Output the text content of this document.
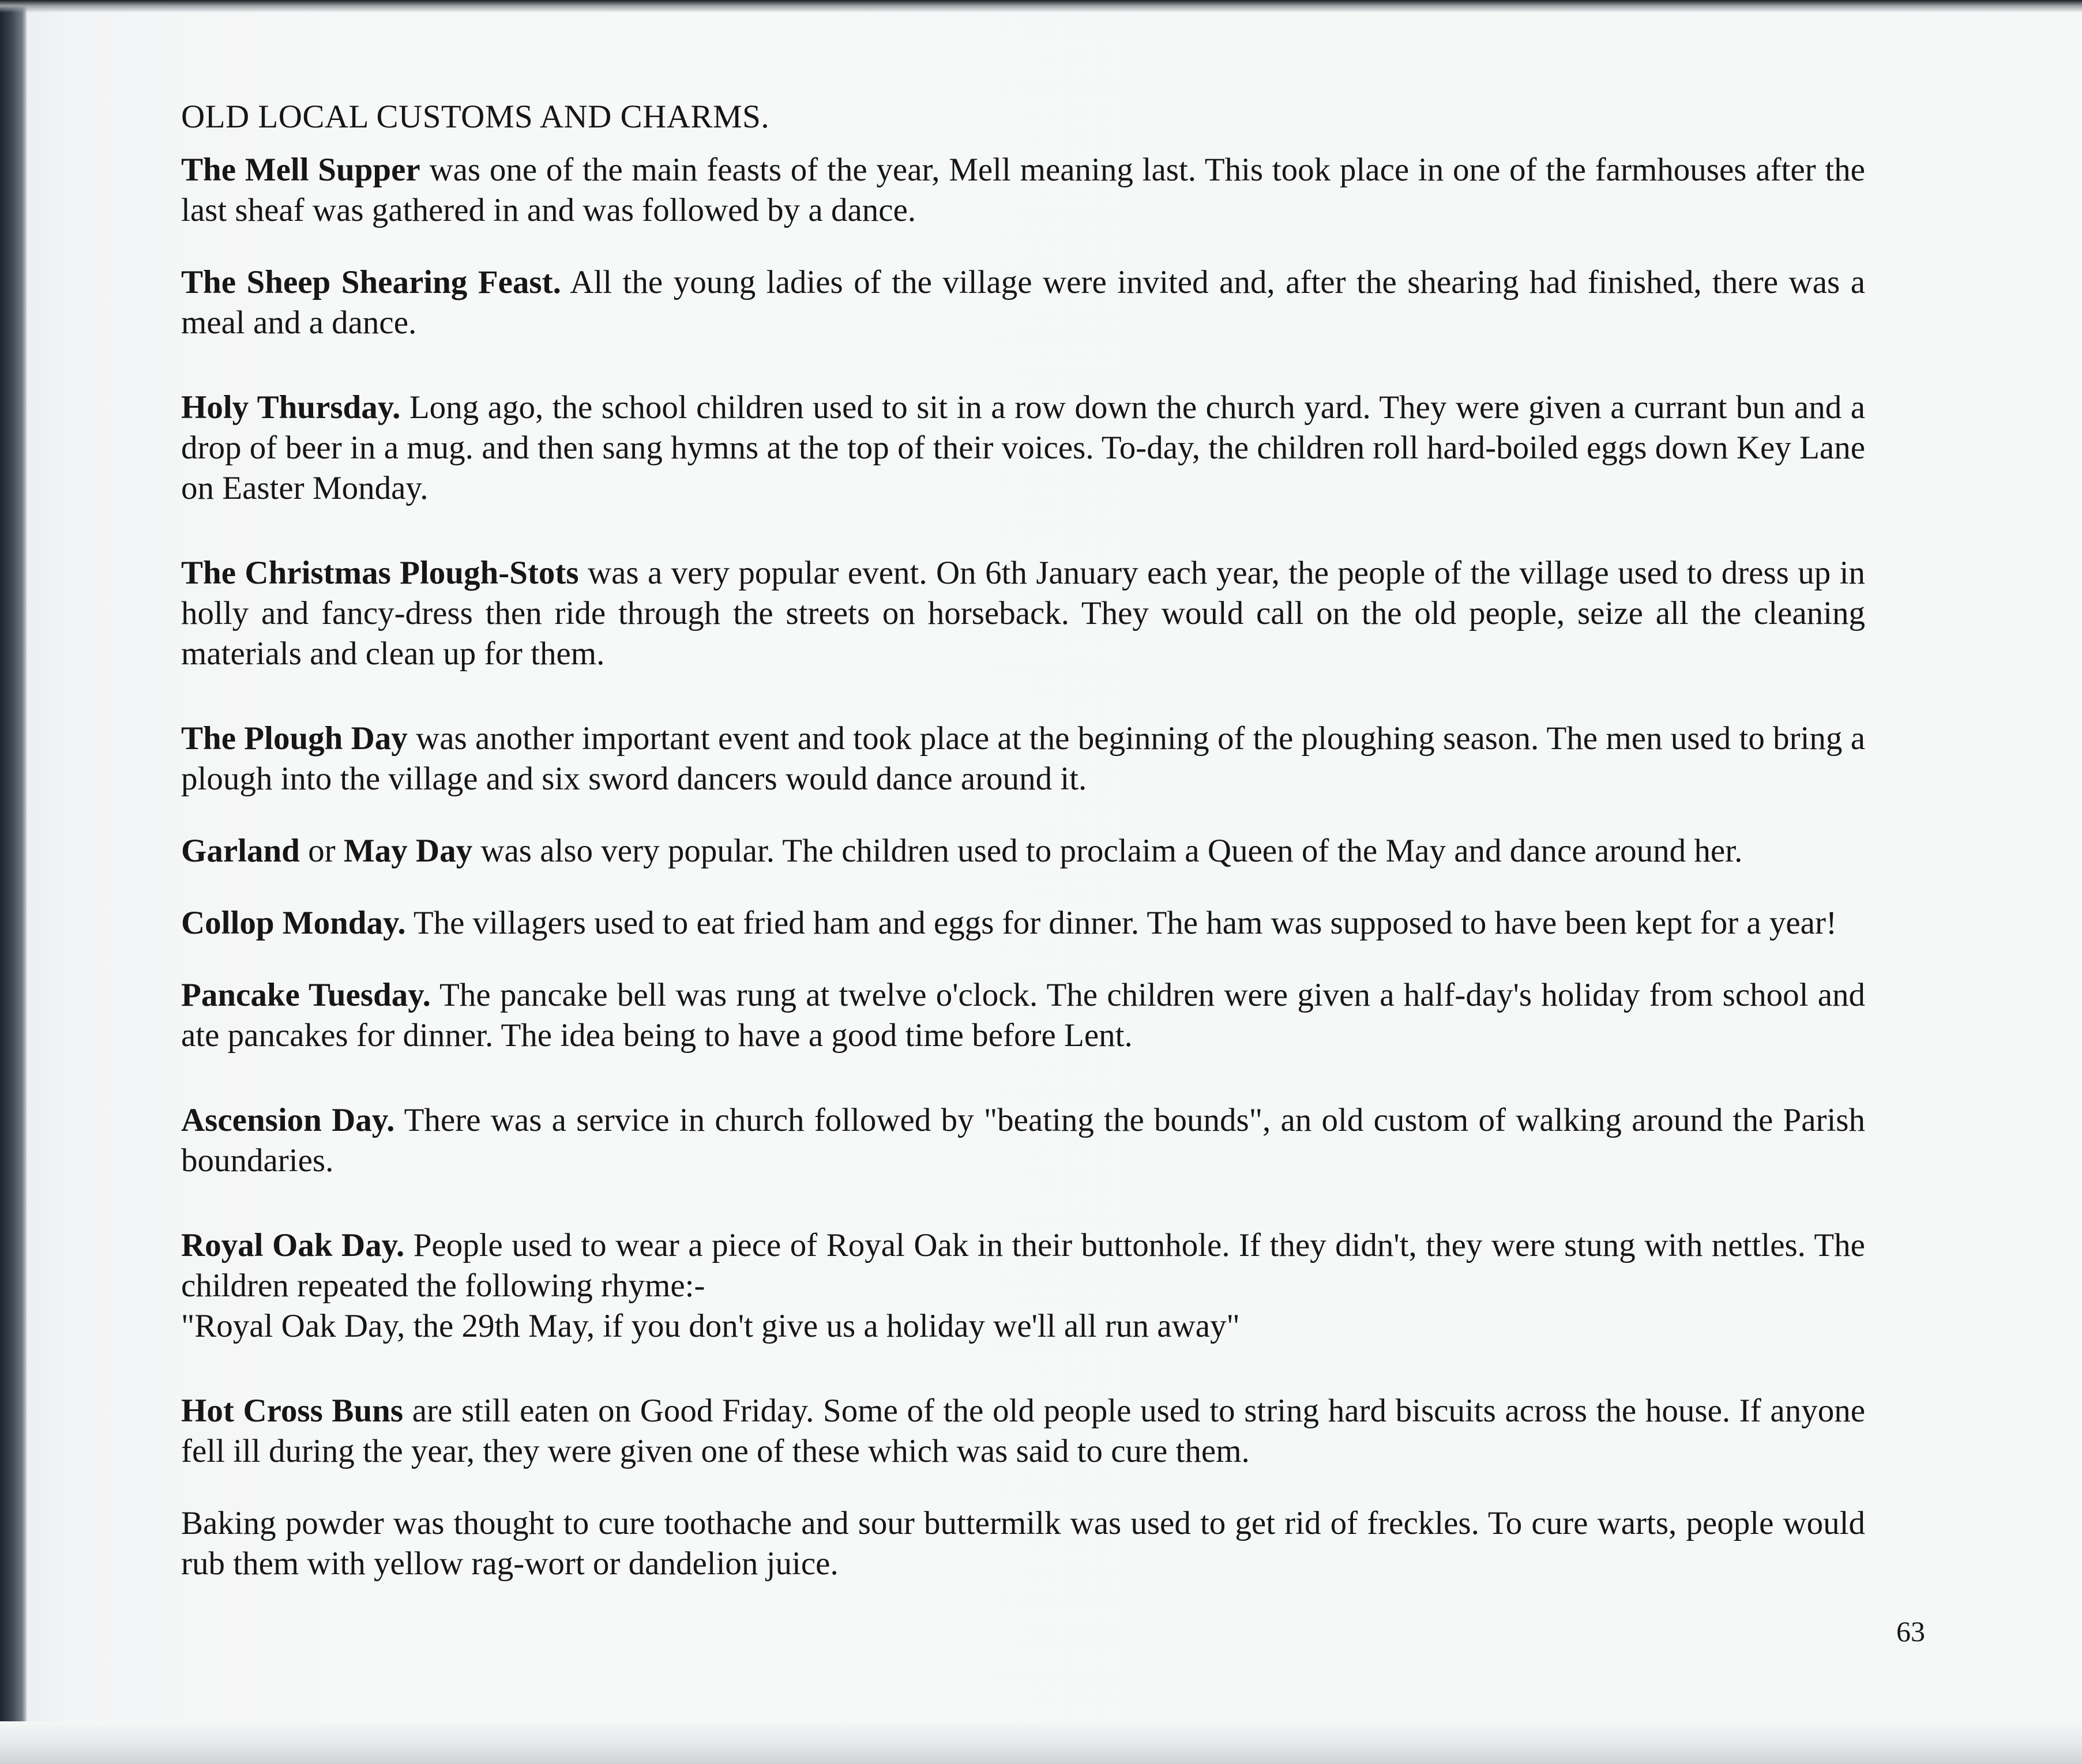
OLD LOCAL CUSTOMS AND CHARMS.

The Mell Supper was one of the main feasts of the year, Mell meaning last. This took place in one of the farmhouses after the last sheaf was gathered in and was followed by a dance.

The Sheep Shearing Feast. All the young ladies of the village were invited and, after the shearing had finished, there was a meal and a dance.

Holy Thursday. Long ago, the school children used to sit in a row down the church yard. They were given a currant bun and a drop of beer in a mug. and then sang hymns at the top of their voices. To-day, the children roll hard-boiled eggs down Key Lane on Easter Monday.

The Christmas Plough-Stots was a very popular event. On 6th January each year, the people of the village used to dress up in holly and fancy-dress then ride through the streets on horseback. They would call on the old people, seize all the cleaning materials and clean up for them.

The Plough Day was another important event and took place at the beginning of the ploughing season. The men used to bring a plough into the village and six sword dancers would dance around it.

Garland or May Day was also very popular. The children used to proclaim a Queen of the May and dance around her.

Collop Monday. The villagers used to eat fried ham and eggs for dinner. The ham was supposed to have been kept for a year!

Pancake Tuesday. The pancake bell was rung at twelve o'clock. The children were given a half-day's holiday from school and ate pancakes for dinner. The idea being to have a good time before Lent.

Ascension Day. There was a service in church followed by "beating the bounds", an old custom of walking around the Parish boundaries.

Royal Oak Day. People used to wear a piece of Royal Oak in their buttonhole. If they didn't, they were stung with nettles. The children repeated the following rhyme:-
"Royal Oak Day, the 29th May, if you don't give us a holiday we'll all run away"

Hot Cross Buns are still eaten on Good Friday. Some of the old people used to string hard biscuits across the house. If anyone fell ill during the year, they were given one of these which was said to cure them.

Baking powder was thought to cure toothache and sour buttermilk was used to get rid of freckles. To cure warts, people would rub them with yellow rag-wort or dandelion juice.

63
